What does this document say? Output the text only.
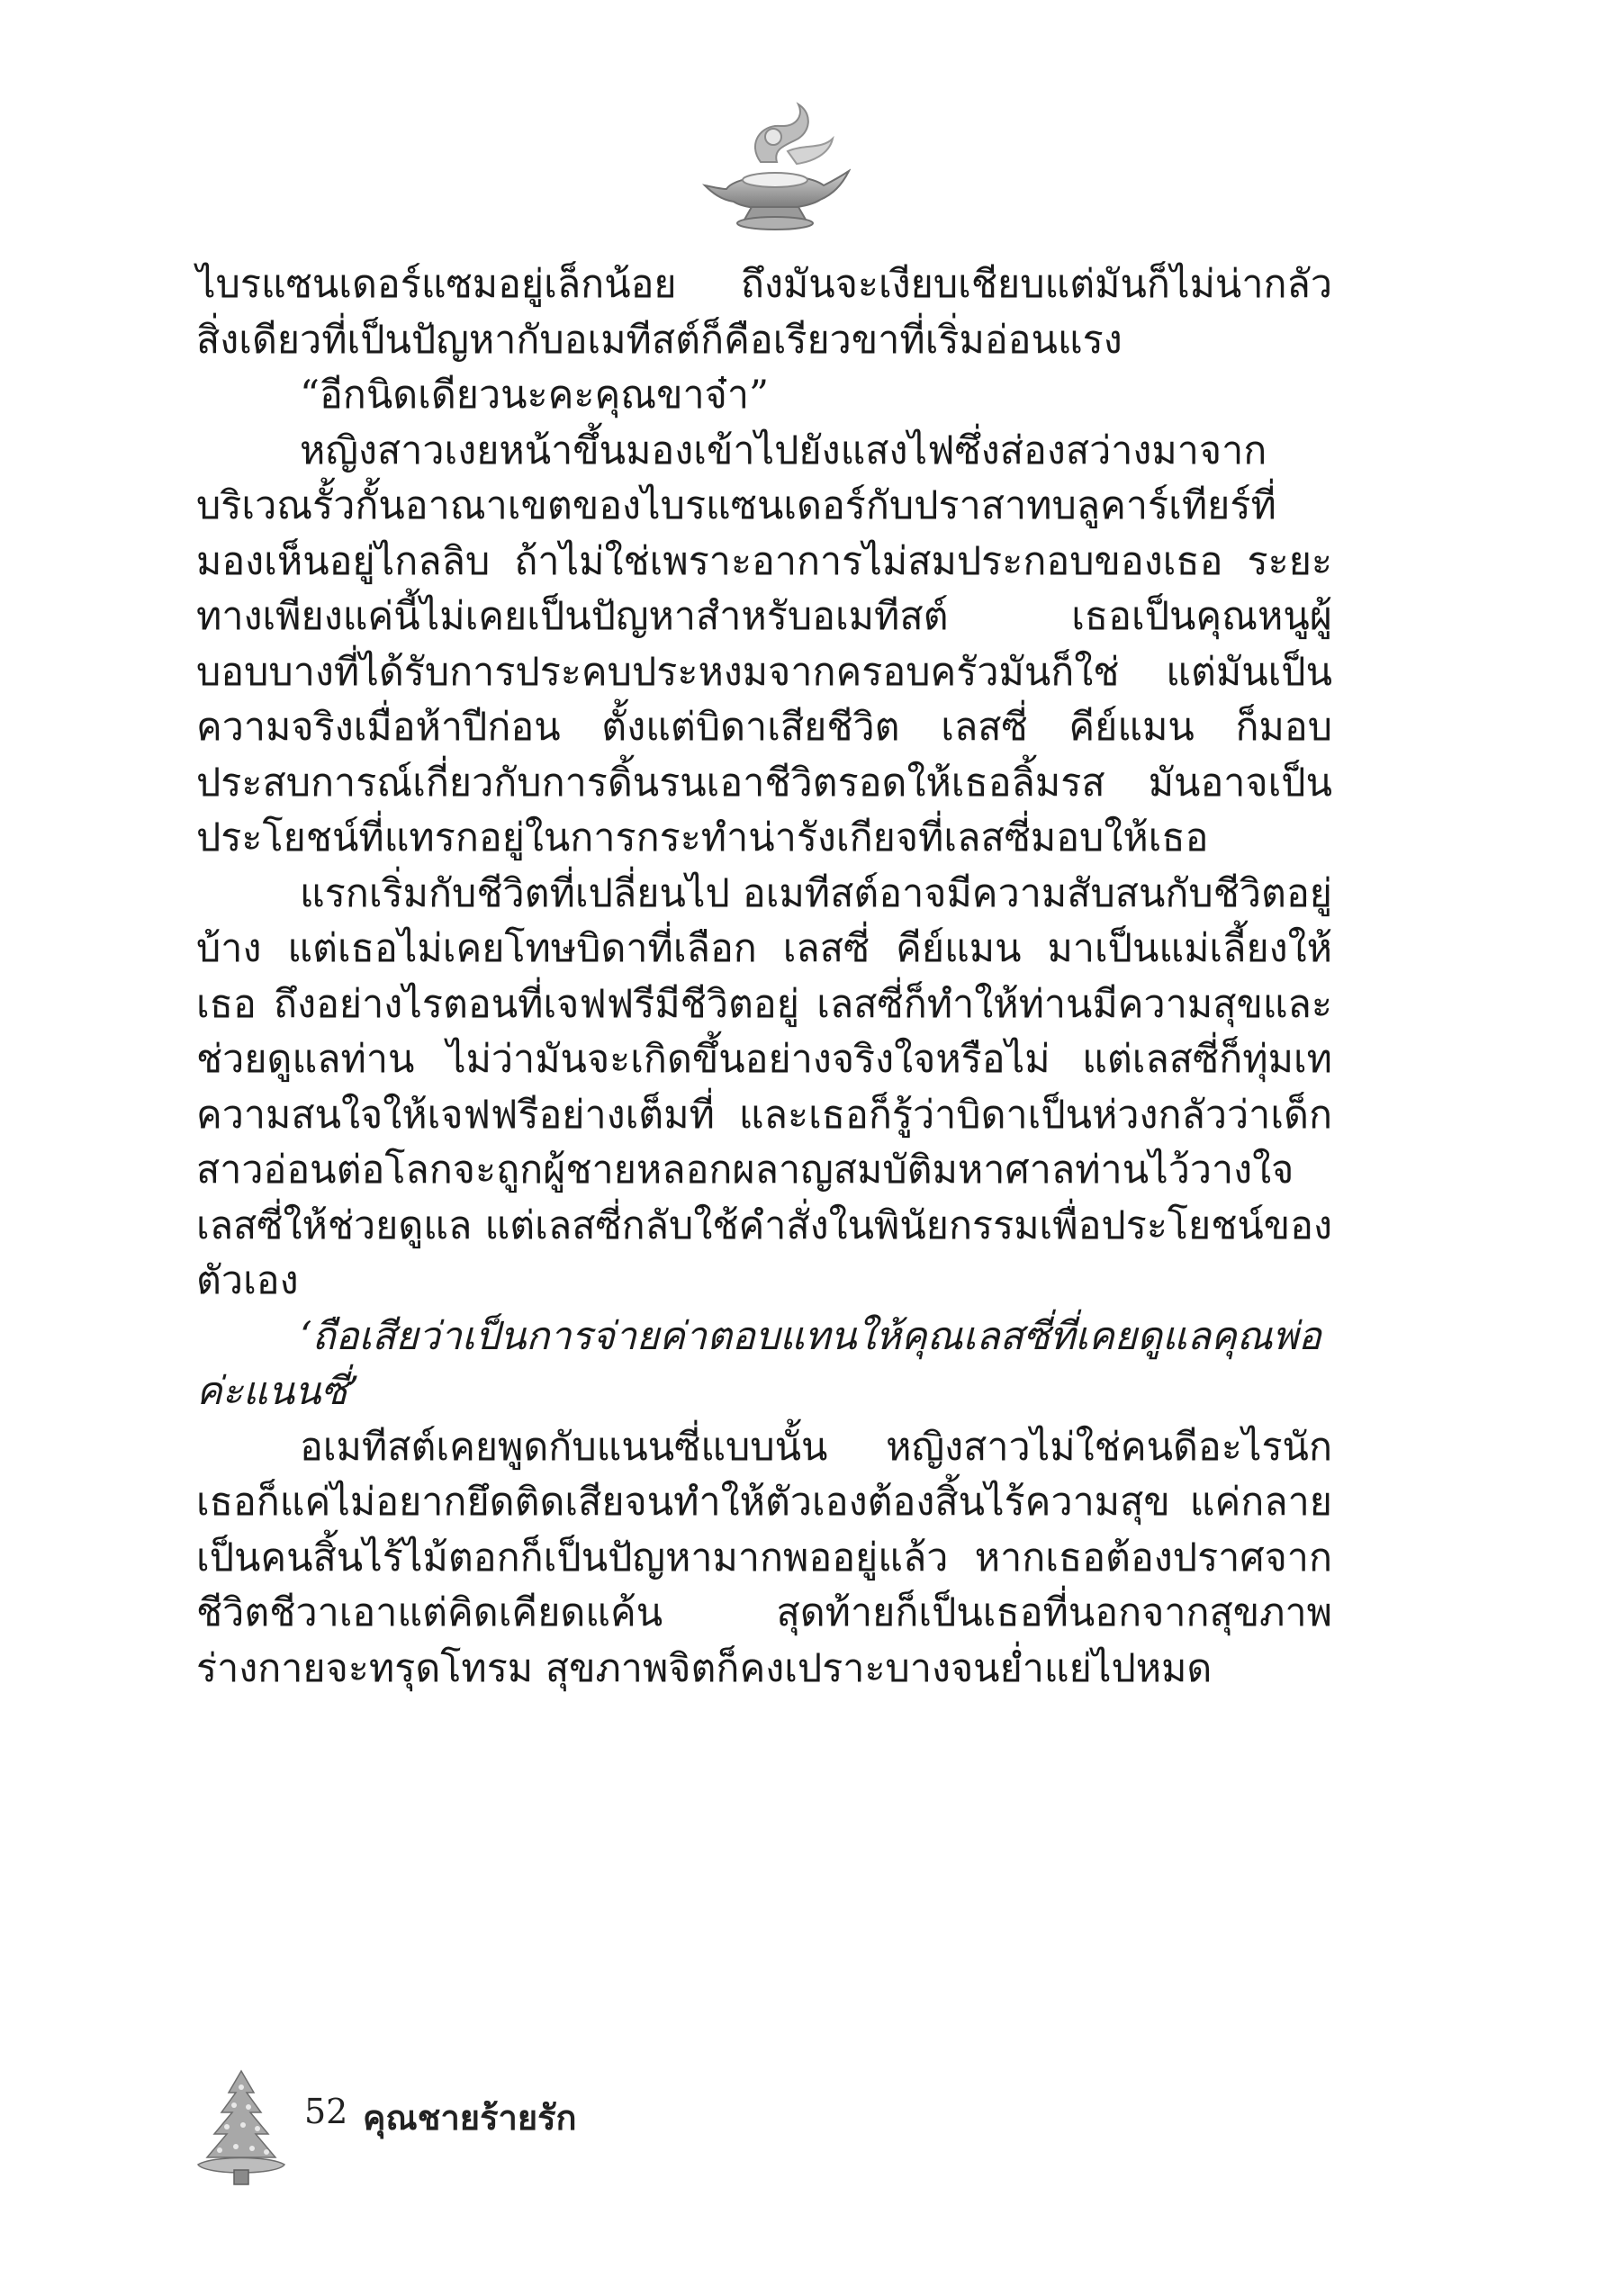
ไบรแซนเดอร์แซมอยู่เล็กน้อย ถึงมันจะเงียบเชียบแต่มันก็ไม่น่ากลัว สิ่งเดียวที่เป็นปัญหากับอเมทีสต์ก็คือเรียวขาที่เริ่มอ่อนแรง

“อีกนิดเดียวนะคะคุณขาจ๋า”

หญิงสาวเงยหน้าขึ้นมองเข้าไปยังแสงไฟซึ่งส่องสว่างมาจากบริเวณรั้วกั้นอาณาเขตของไบรแซนเดอร์กับปราสาทบลูคาร์เทียร์ที่มองเห็นอยู่ไกลลิบ ถ้าไม่ใช่เพราะอาการไม่สมประกอบของเธอ ระยะทางเพียงแค่นี้ไม่เคยเป็นปัญหาสำหรับอเมทีสต์ เธอเป็นคุณหนูผู้บอบบางที่ได้รับการประคบประหงมจากครอบครัวมันก็ใช่ แต่มันเป็นความจริงเมื่อห้าปีก่อน ตั้งแต่บิดาเสียชีวิต เลสซี่ คีย์แมน ก็มอบประสบการณ์เกี่ยวกับการดิ้นรนเอาชีวิตรอดให้เธอลิ้มรส มันอาจเป็นประโยชน์ที่แทรกอยู่ในการกระทำน่ารังเกียจที่เลสซี่มอบให้เธอ

แรกเริ่มกับชีวิตที่เปลี่ยนไป อเมทีสต์อาจมีความสับสนกับชีวิตอยู่บ้าง แต่เธอไม่เคยโทษบิดาที่เลือก เลสซี่ คีย์แมน มาเป็นแม่เลี้ยงให้เธอ ถึงอย่างไรตอนที่เจฟฟรีมีชีวิตอยู่ เลสซี่ก็ทำให้ท่านมีความสุขและช่วยดูแลท่าน ไม่ว่ามันจะเกิดขึ้นอย่างจริงใจหรือไม่ แต่เลสซี่ก็ทุ่มเทความสนใจให้เจฟฟรีอย่างเต็มที่ และเธอก็รู้ว่าบิดาเป็นห่วงกลัวว่าเด็กสาวอ่อนต่อโลกจะถูกผู้ชายหลอกผลาญสมบัติมหาศาลท่านไว้วางใจเลสซี่ให้ช่วยดูแล แต่เลสซี่กลับใช้คำสั่งในพินัยกรรมเพื่อประโยชน์ของตัวเอง

‘ถือเสียว่าเป็นการจ่ายค่าตอบแทนให้คุณเลสซี่ที่เคยดูแลคุณพ่อค่ะแนนซี่’

อเมทีสต์เคยพูดกับแนนซี่แบบนั้น หญิงสาวไม่ใช่คนดีอะไรนักเธอก็แค่ไม่อยากยึดติดเสียจนทำให้ตัวเองต้องสิ้นไร้ความสุข แค่กลายเป็นคนสิ้นไร้ไม้ตอกก็เป็นปัญหามากพออยู่แล้ว หากเธอต้องปราศจากชีวิตชีวาเอาแต่คิดเคียดแค้น สุดท้ายก็เป็นเธอที่นอกจากสุขภาพร่างกายจะทรุดโทรม สุขภาพจิตก็คงเปราะบางจนย่ำแย่ไปหมด

52 คุณชายร้ายรัก
